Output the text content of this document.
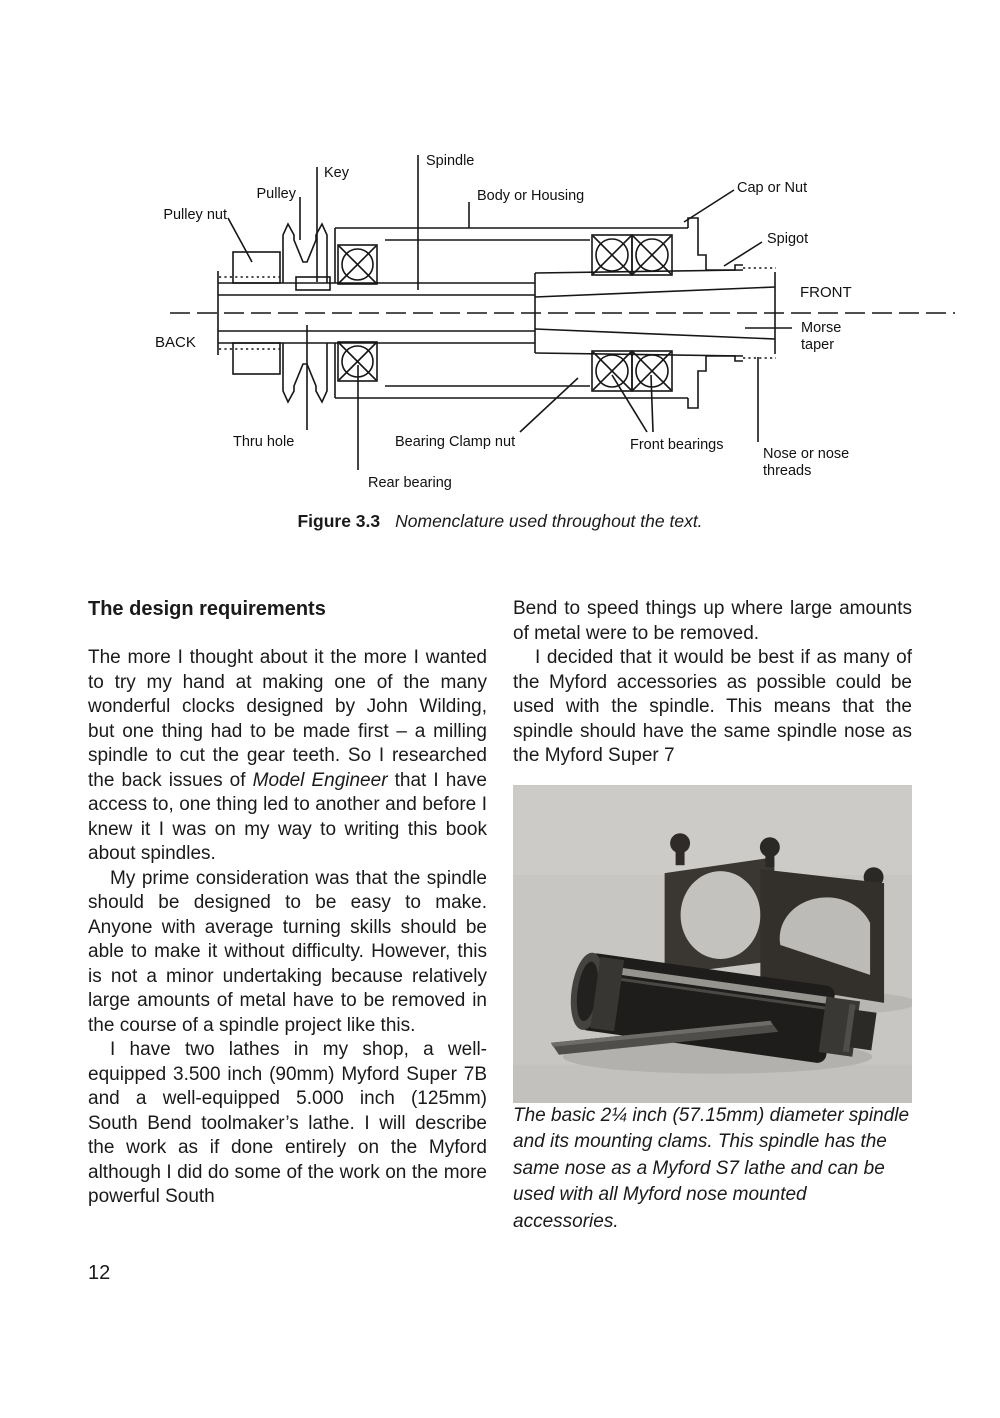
Pulley nut
Pulley
Key
Spindle
Body or Housing	Cap or Nut
Spigot
FRONT
Morse
taper
BACK
Thru hole	Bearing Clamp nut	Front bearings
Nose or nose
threads
Rear bearing
Figure 3.3 Nomenclature used throughout the text.
The design requirements

The more I thought about it the more I wanted to try my hand at making one of the many wonderful clocks designed by John Wilding, but one thing had to be made first – a milling spindle to cut the gear teeth. So I researched the back issues of Model Engineer that I have access to, one thing led to another and before I knew it I was on my way to writing this book about spindles.

My prime consideration was that the spindle should be designed to be easy to make. Anyone with average turning skills should be able to make it without difficulty. However, this is not a minor undertaking because relatively large amounts of metal have to be removed in the course of a spindle project like this.

I have two lathes in my shop, a well-equipped 3.500 inch (90mm) Myford Super 7B and a well-equipped 5.000 inch (125mm) South Bend toolmaker’s lathe. I will describe the work as if done entirely on the Myford although I did do some of the work on the more powerful South

Bend to speed things up where large amounts of metal were to be removed.

I decided that it would be best if as many of the Myford accessories as possible could be used with the spindle. This means that the spindle should have the same spindle nose as the Myford Super 7

The basic 2¼ inch (57.15mm) diameter spindle and its mounting clams. This spindle has the same nose as a Myford S7 lathe and can be used with all Myford nose mounted accessories.

12
